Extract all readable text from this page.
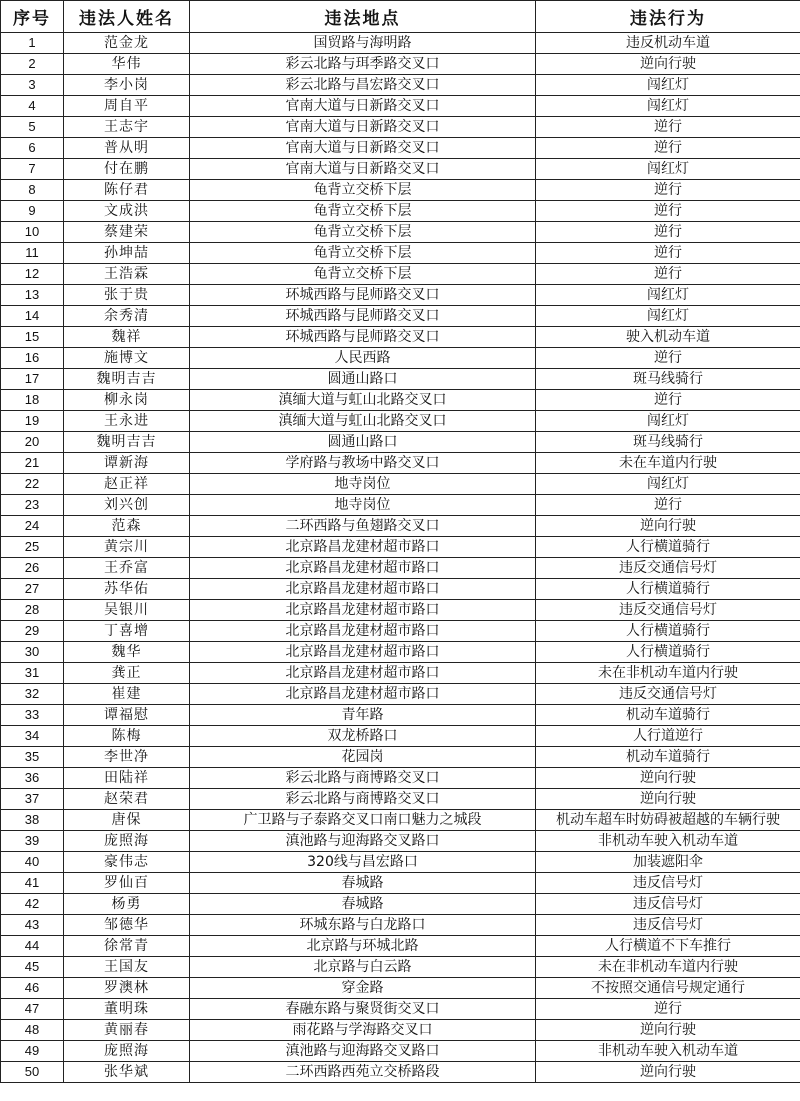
序号	违法人姓名	违法地点	违法行为
1	范金龙	国贸路与海明路	违反机动车道
2	华伟	彩云北路与珥季路交叉口	逆向行驶
3	李小岗	彩云北路与昌宏路交叉口	闯红灯
4	周自平	官南大道与日新路交叉口	闯红灯
5	王志宇	官南大道与日新路交叉口	逆行
6	普从明	官南大道与日新路交叉口	逆行
7	付在鹏	官南大道与日新路交叉口	闯红灯
8	陈仔君	龟背立交桥下层	逆行
9	文成洪	龟背立交桥下层	逆行
10	蔡建荣	龟背立交桥下层	逆行
11	孙坤喆	龟背立交桥下层	逆行
12	王浩霖	龟背立交桥下层	逆行
13	张于贵	环城西路与昆师路交叉口	闯红灯
14	余秀清	环城西路与昆师路交叉口	闯红灯
15	魏祥	环城西路与昆师路交叉口	驶入机动车道
16	施博文	人民西路	逆行
17	魏明吉吉	圆通山路口	斑马线骑行
18	柳永岗	滇缅大道与虹山北路交叉口	逆行
19	王永进	滇缅大道与虹山北路交叉口	闯红灯
20	魏明吉吉	圆通山路口	斑马线骑行
21	谭新海	学府路与教场中路交叉口	未在车道内行驶
22	赵正祥	地寺岗位	闯红灯
23	刘兴创	地寺岗位	逆行
24	范森	二环西路与鱼翅路交叉口	逆向行驶
25	黄宗川	北京路昌龙建材超市路口	人行横道骑行
26	王乔富	北京路昌龙建材超市路口	违反交通信号灯
27	苏华佑	北京路昌龙建材超市路口	人行横道骑行
28	吴银川	北京路昌龙建材超市路口	违反交通信号灯
29	丁喜增	北京路昌龙建材超市路口	人行横道骑行
30	魏华	北京路昌龙建材超市路口	人行横道骑行
31	龚正	北京路昌龙建材超市路口	未在非机动车道内行驶
32	崔建	北京路昌龙建材超市路口	违反交通信号灯
33	谭福慰	青年路	机动车道骑行
34	陈梅	双龙桥路口	人行道逆行
35	李世净	花园岗	机动车道骑行
36	田陆祥	彩云北路与商博路交叉口	逆向行驶
37	赵荣君	彩云北路与商博路交叉口	逆向行驶
38	唐保	广卫路与子泰路交叉口南口魅力之城段	机动车超车时妨碍被超越的车辆行驶
39	庞照海	滇池路与迎海路交叉路口	非机动车驶入机动车道
40	豪伟志	320线与昌宏路口	加装遮阳伞
41	罗仙百	春城路	违反信号灯
42	杨勇	春城路	违反信号灯
43	邹德华	环城东路与白龙路口	违反信号灯
44	徐常青	北京路与环城北路	人行横道不下车推行
45	王国友	北京路与白云路	未在非机动车道内行驶
46	罗澳林	穿金路	不按照交通信号规定通行
47	董明珠	春融东路与聚贤街交叉口	逆行
48	黄丽春	雨花路与学海路交叉口	逆向行驶
49	庞照海	滇池路与迎海路交叉路口	非机动车驶入机动车道
50	张华斌	二环西路西苑立交桥路段	逆向行驶
